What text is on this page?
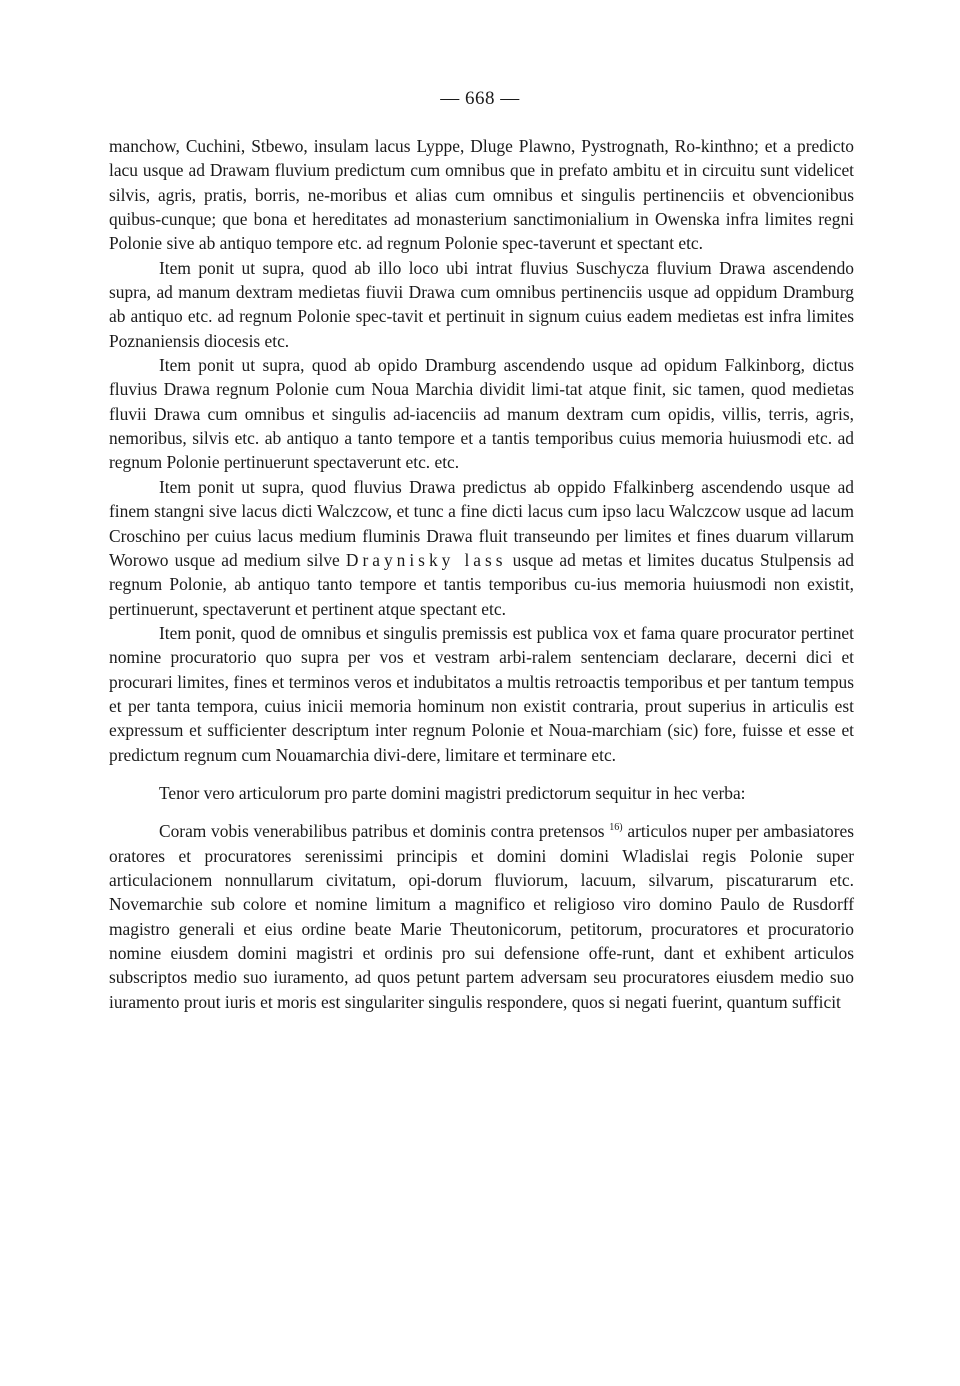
— 668 —

manchow, Cuchini, Stbewo, insulam lacus Lyppe, Dluge Plawno, Pystrognath, Ro-kinthno; et a predicto lacu usque ad Drawam fluvium predictum cum omnibus que in prefato ambitu et in circuitu sunt videlicet silvis, agris, pratis, borris, ne-moribus et alias cum omnibus et singulis pertinenciis et obvencionibus quibus-cunque; que bona et hereditates ad monasterium sanctimonialium in Owenska infra limites regni Polonie sive ab antiquo tempore etc. ad regnum Polonie spec-taverunt et spectant etc.

Item ponit ut supra, quod ab illo loco ubi intrat fluvius Suschycza fluvium Drawa ascendendo supra, ad manum dextram medietas fiuvii Drawa cum omnibus pertinenciis usque ad oppidum Dramburg ab antiquo etc. ad regnum Polonie spec-tavit et pertinuit in signum cuius eadem medietas est infra limites Poznaniensis diocesis etc.

Item ponit ut supra, quod ab opido Dramburg ascendendo usque ad opidum Falkinborg, dictus fluvius Drawa regnum Polonie cum Noua Marchia dividit limi-tat atque finit, sic tamen, quod medietas fluvii Drawa cum omnibus et singulis ad-iacenciis ad manum dextram cum opidis, villis, terris, agris, nemoribus, silvis etc. ab antiquo a tanto tempore et a tantis temporibus cuius memoria huiusmodi etc. ad regnum Polonie pertinuerunt spectaverunt etc. etc.

Item ponit ut supra, quod fluvius Drawa predictus ab oppido Ffalkinberg ascendendo usque ad finem stangni sive lacus dicti Walczcow, et tunc a fine dicti lacus cum ipso lacu Walczcow usque ad lacum Croschino per cuius lacus medium fluminis Drawa fluit transeundo per limites et fines duarum villarum Worowo usque ad medium silve Draynisky lass usque ad metas et limites ducatus Stulpensis ad regnum Polonie, ab antiquo tanto tempore et tantis temporibus cu-ius memoria huiusmodi non existit, pertinuerunt, spectaverunt et pertinent atque spectant etc.

Item ponit, quod de omnibus et singulis premissis est publica vox et fama quare procurator pertinet nomine procuratorio quo supra per vos et vestram arbi-ralem sentenciam declarare, decerni dici et procurari limites, fines et terminos veros et indubitatos a multis retroactis temporibus et per tantum tempus et per tanta tempora, cuius inicii memoria hominum non existit contraria, prout superius in articulis est expressum et sufficienter descriptum inter regnum Polonie et Noua-marchiam (sic) fore, fuisse et esse et predictum regnum cum Nouamarchia divi-dere, limitare et terminare etc.

Tenor vero articulorum pro parte domini magistri predictorum sequitur in hec verba:

Coram vobis venerabilibus patribus et dominis contra pretensos $^{16)}$ articulos nuper per ambasiatores oratores et procuratores serenissimi principis et domini domini Wladislai regis Polonie super articulacionem nonnullarum civitatum, opi-dorum fluviorum, lacuum, silvarum, piscaturarum etc. Novemarchie sub colore et nomine limitum a magnifico et religioso viro domino Paulo de Rusdorff magistro generali et eius ordine beate Marie Theutonicorum, petitorum, procuratores et procuratorio nomine eiusdem domini magistri et ordinis pro sui defensione offe-runt, dant et exhibent articulos subscriptos medio suo iuramento, ad quos petunt partem adversam seu procuratores eiusdem medio suo iuramento prout iuris et moris est singulariter singulis respondere, quos si negati fuerint, quantum sufficit
